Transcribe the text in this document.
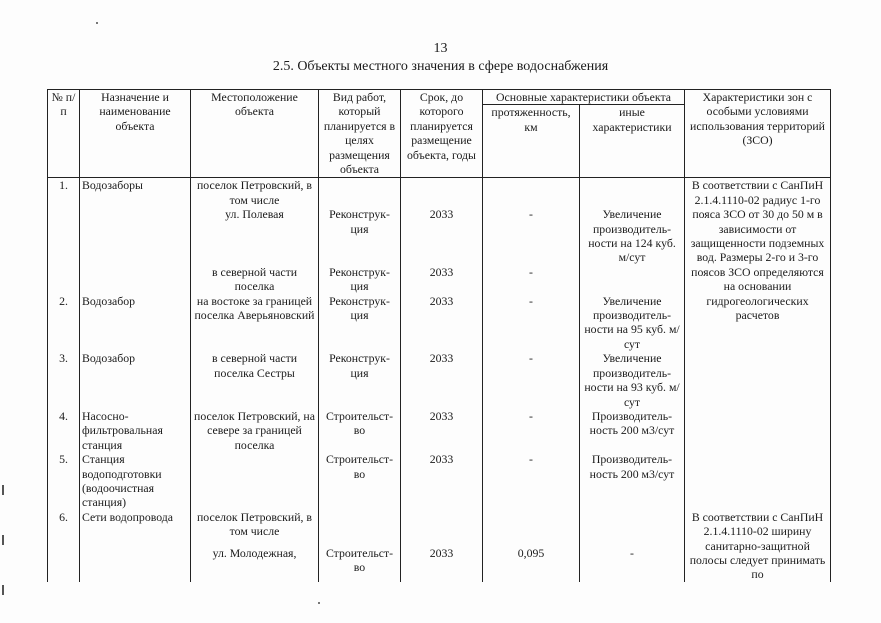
13
2.5. Объекты местного значения в сфере водоснабжения
№ п/п	Назначение и наименование объекта	Местоположение объекта	Вид работ, который планируется в целях размещения объекта	Срок, до которого планируется размещение объекта, годы	Основные характеристики объекта		Характеристики зон с особыми условиями использования территорий (ЗСО)
					протяженность, км	иные характеристики	
1.	Водозаборы	поселок Петровский, в том числе					В соответствии с СанПиН 2.1.4.1110-02 радиус 1-го пояса ЗСО от 30 до 50 м в зависимости от защищенности подземных вод. Размеры 2-го и 3-го поясов ЗСО определяются на основании гидрогеологических расчетов
		ул. Полевая	Реконструк-ция	2033	-	Увеличение производитель-ности на 124 куб. м/сут	
		в северной части поселка	Реконструк-ция	2033	-		
2.	Водозабор	на востоке за границей поселка Аверьяновский	Реконструк-ция	2033	-	Увеличение производитель-ности на 95 куб. м/сут	
3.	Водозабор	в северной части поселка Сестры	Реконструк-ция	2033	-	Увеличение производитель-ности на 93 куб. м/сут	
4.	Насосно-фильтровальная станция	поселок Петровский, на севере за границей поселка	Строительст-во	2033	-	Производитель-ность 200 м3/сут	
5.	Станция водоподготовки (водоочистная станция)		Строительст-во	2033	-	Производитель-ность 200 м3/сут	
6.	Сети водопровода	поселок Петровский, в том числе					В соответствии с СанПиН 2.1.4.1110-02 ширину санитарно-защитной полосы следует принимать по
		ул. Молодежная,	Строительст-во	2033	0,095	-	
